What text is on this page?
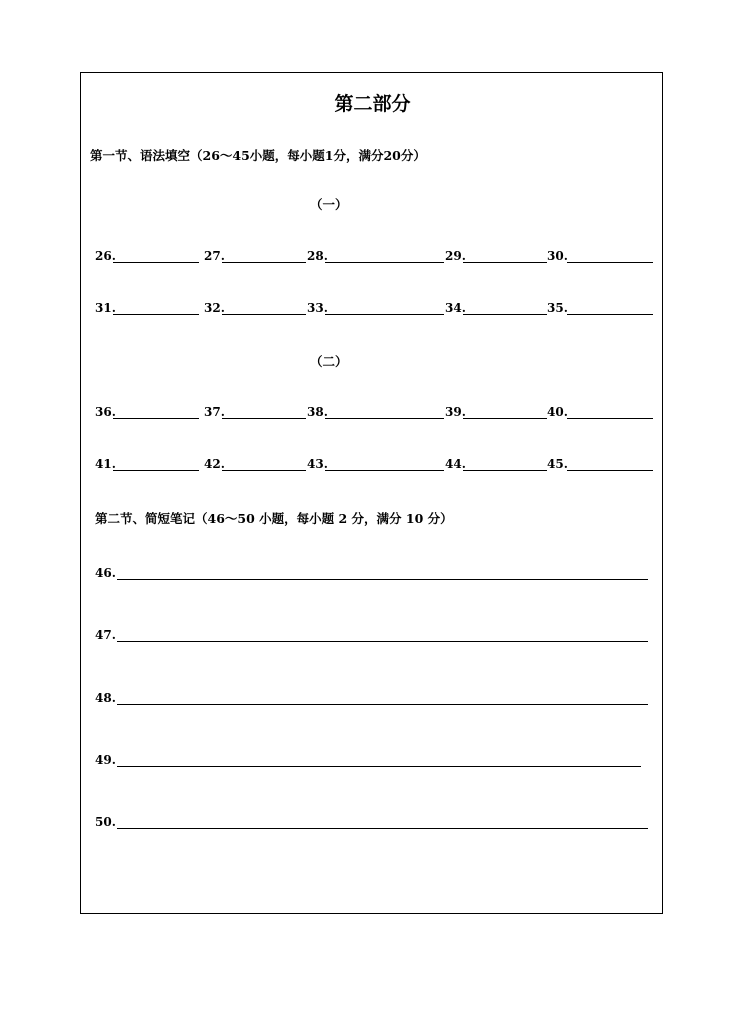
第二部分
第一节、语法填空（26～45小题，每小题1分，满分20分）
（一）
26.	27.	28.	29.	30.
31.	32.	33.	34.	35.
（二）
36.	37.	38.	39.	40.
41.	42.	43.	44.	45.
第二节、简短笔记（46～50 小题，每小题 2 分，满分 10 分）
46.
47.
48.
49.
50.
